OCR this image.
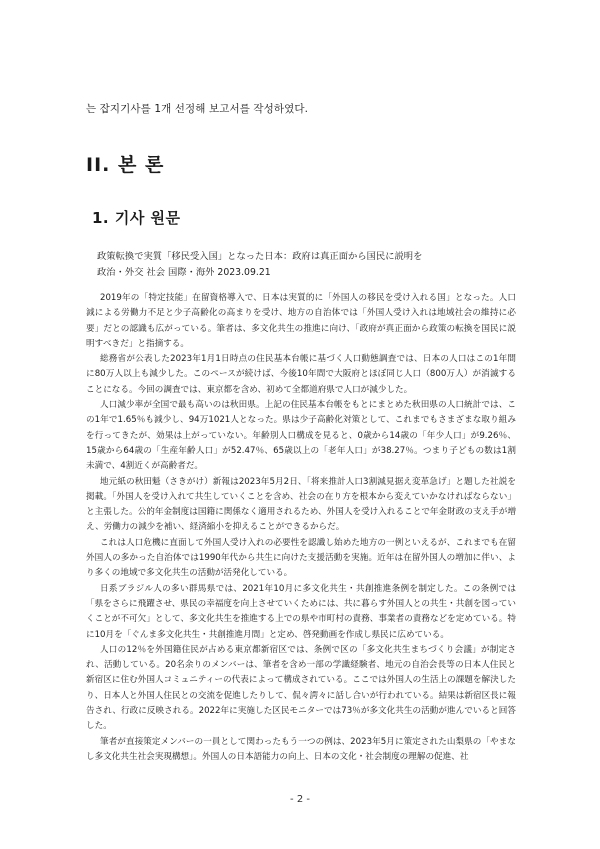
는 잡지기사를 1개 선정해 보고서를 작성하였다.
II. 본 론
1. 기사 원문
政策転換で実質「移民受入国」となった日本：政府は真正面から国民に説明を
政治・外交 社会 国際・海外 2023.09.21

2019年の「特定技能」在留資格導入で、日本は実質的に「外国人の移民を受け入れる国」となった。人口減による労働力不足と少子高齢化の高まりを受け、地方の自治体では「外国人受け入れは地域社会の維持に必要」だとの認識も広がっている。筆者は、多文化共生の推進に向け、「政府が真正面から政策の転換を国民に説明すべきだ」と指摘する。

総務省が公表した2023年1月1日時点の住民基本台帳に基づく人口動態調査では、日本の人口はこの1年間に80万人以上も減少した。このペースが続けば、今後10年間で大阪府とほぼ同じ人口（800万人）が消滅することになる。今回の調査では、東京都を含め、初めて全都道府県で人口が減少した。

人口減少率が全国で最も高いのは秋田県。上記の住民基本台帳をもとにまとめた秋田県の人口統計では、この1年で1.65％も減少し、94万1021人となった。県は少子高齢化対策として、これまでもさまざまな取り組みを行ってきたが、効果は上がっていない。年齢別人口構成を見ると、0歳から14歳の「年少人口」が9.26％、15歳から64歳の「生産年齢人口」が52.47％、65歳以上の「老年人口」が38.27％。つまり子どもの数は1割未満で、4割近くが高齢者だ。

地元紙の秋田魁（さきがけ）新報は2023年5月2日、「将来推計人口3割減見据え変革急げ」と題した社説を掲載。「外国人を受け入れて共生していくことを含め、社会の在り方を根本から変えていかなければならない」と主張した。公的年金制度は国籍に関係なく適用されるため、外国人を受け入れることで年金財政の支え手が増え、労働力の減少を補い、経済縮小を抑えることができるからだ。

これは人口危機に直面して外国人受け入れの必要性を認識し始めた地方の一例といえるが、これまでも在留外国人の多かった自治体では1990年代から共生に向けた支援活動を実施。近年は在留外国人の増加に伴い、より多くの地域で多文化共生の活動が活発化している。

日系ブラジル人の多い群馬県では、2021年10月に多文化共生・共創推進条例を制定した。この条例では「県をさらに飛躍させ、県民の幸福度を向上させていくためには、共に暮らす外国人との共生・共創を図っていくことが不可欠」として、多文化共生を推進する上での県や市町村の責務、事業者の責務などを定めている。特に10月を「ぐんま多文化共生・共創推進月間」と定め、啓発動画を作成し県民に広めている。

人口の12％を外国籍住民が占める東京都新宿区では、条例で区の「多文化共生まちづくり会議」が制定され、活動している。20名余りのメンバーは、筆者を含め一部の学識経験者、地元の自治会長等の日本人住民と新宿区に住む外国人コミュニティーの代表によって構成されている。ここでは外国人の生活上の課題を解決したり、日本人と外国人住民との交流を促進したりして、侃々諤々に話し合いが行われている。結果は新宿区長に報告され、行政に反映される。2022年に実施した区民モニターでは73％が多文化共生の活動が進んでいると回答した。

筆者が直接策定メンバーの一員として関わったもう一つの例は、2023年5月に策定された山梨県の「やまなし多文化共生社会実現構想」。外国人の日本語能力の向上、日本の文化・社会制度の理解の促進、社

- 2 -
